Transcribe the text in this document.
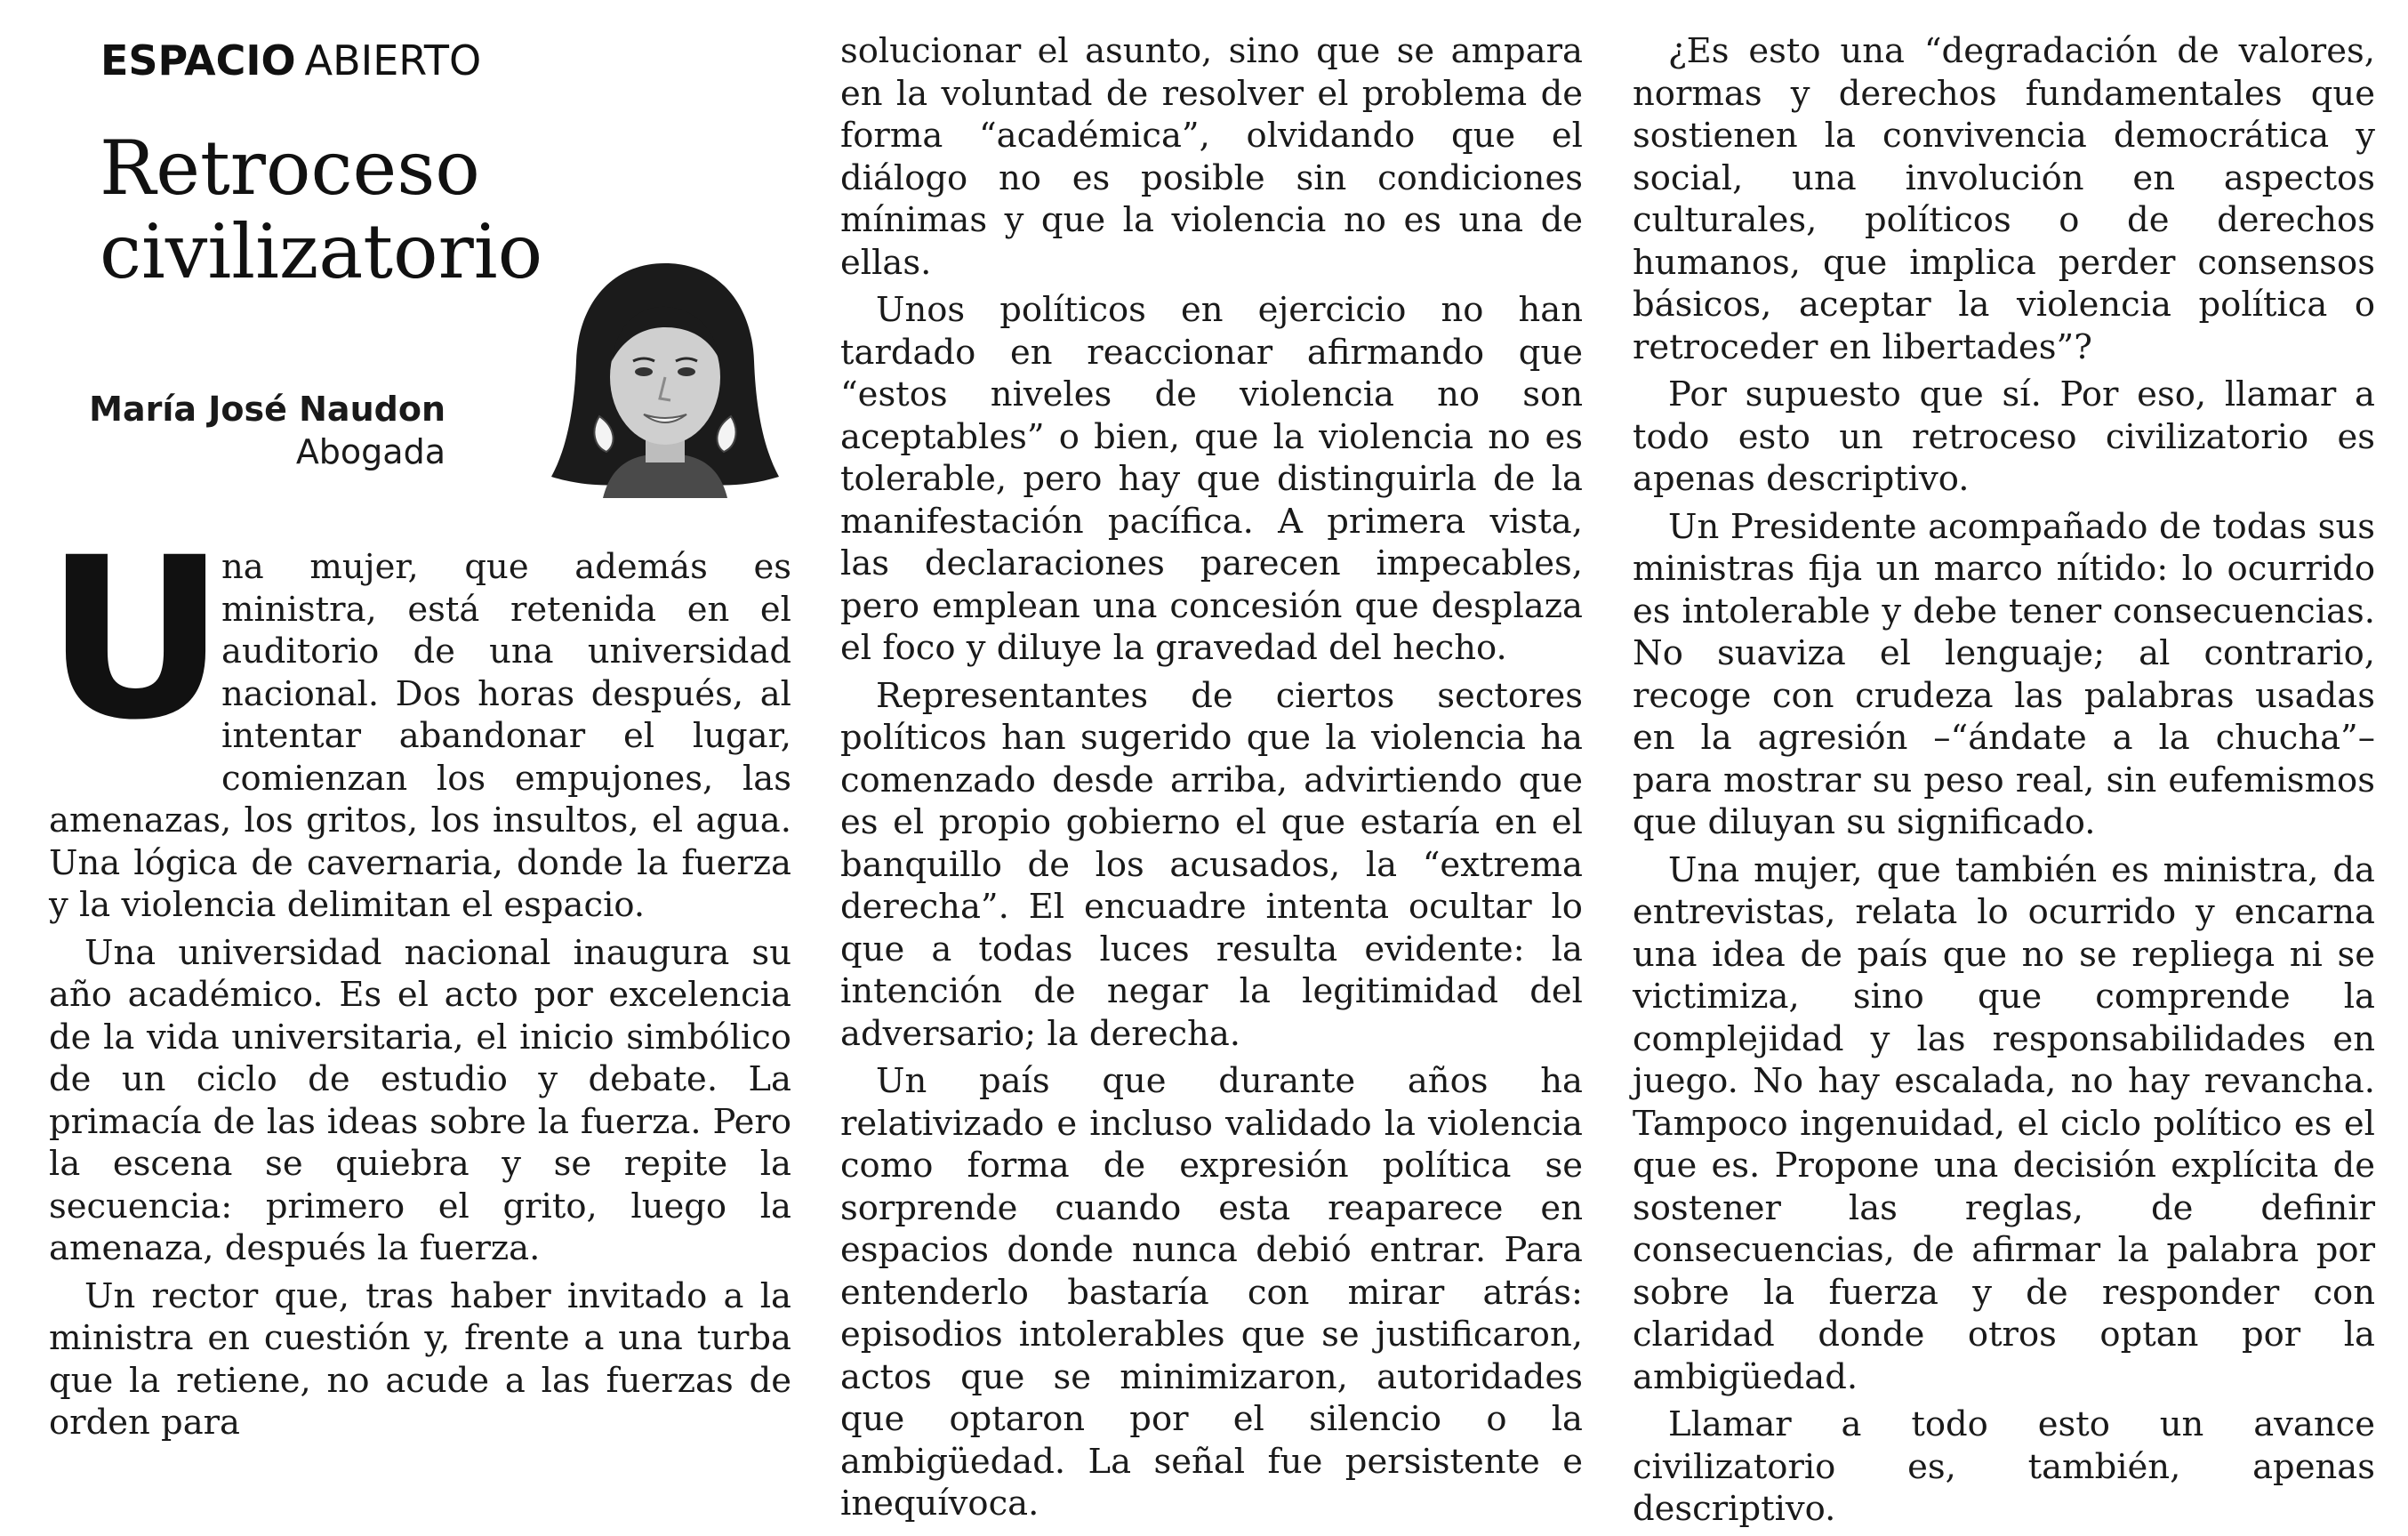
ESPACIO ABIERTO
Retroceso
civilizatorio
María José Naudon
Abogada
U

na mujer, que además es ministra, está retenida en el auditorio de una universidad nacional. Dos horas después, al intentar abandonar el lugar, comienzan los empujones, las amenazas, los gritos, los insultos, el agua. Una lógica de cavernaria, donde la fuerza y la violencia delimitan el espacio.

Una universidad nacional inaugura su año académico. Es el acto por excelencia de la vida universitaria, el inicio simbólico de un ciclo de estudio y debate. La primacía de las ideas sobre la fuerza. Pero la escena se quiebra y se repite la secuencia: primero el grito, luego la amenaza, después la fuerza.

Un rector que, tras haber invitado a la ministra en cuestión y, frente a una turba que la retiene, no acude a las fuerzas de orden para

solucionar el asunto, sino que se ampara en la voluntad de resolver el problema de forma “académica”, olvidando que el diálogo no es posible sin condiciones mínimas y que la violencia no es una de ellas.

Unos políticos en ejercicio no han tardado en reaccionar afirmando que “estos niveles de violencia no son aceptables” o bien, que la violencia no es tolerable, pero hay que distinguirla de la manifestación pacífica. A primera vista, las declaraciones parecen impecables, pero emplean una concesión que desplaza el foco y diluye la gravedad del hecho.

Representantes de ciertos sectores políticos han sugerido que la violencia ha comenzado desde arriba, advirtiendo que es el propio gobierno el que estaría en el banquillo de los acusados, la “extrema derecha”. El encuadre intenta ocultar lo que a todas luces resulta evidente: la intención de negar la legitimidad del adversario; la derecha.

Un país que durante años ha relativizado e incluso validado la violencia como forma de expresión política se sorprende cuando esta reaparece en espacios donde nunca debió entrar. Para entenderlo bastaría con mirar atrás: episodios intolerables que se justificaron, actos que se minimizaron, autoridades que optaron por el silencio o la ambigüedad. La señal fue persistente e inequívoca.

¿Es esto una “degradación de valores, normas y derechos fundamentales que sostienen la convivencia democrática y social, una involución en aspectos culturales, políticos o de derechos humanos, que implica perder consensos básicos, aceptar la violencia política o retroceder en libertades”?

Por supuesto que sí. Por eso, llamar a todo esto un retroceso civilizatorio es apenas descriptivo.

Un Presidente acompañado de todas sus ministras fija un marco nítido: lo ocurrido es intolerable y debe tener consecuencias. No suaviza el lenguaje; al contrario, recoge con crudeza las palabras usadas en la agresión –“ándate a la chucha”– para mostrar su peso real, sin eufemismos que diluyan su significado.

Una mujer, que también es ministra, da entrevistas, relata lo ocurrido y encarna una idea de país que no se repliega ni se victimiza, sino que comprende la complejidad y las responsabilidades en juego. No hay escalada, no hay revancha. Tampoco ingenuidad, el ciclo político es el que es. Propone una decisión explícita de sostener las reglas, de definir consecuencias, de afirmar la palabra por sobre la fuerza y de responder con claridad donde otros optan por la ambigüedad.

Llamar a todo esto un avance civilizatorio es, también, apenas descriptivo.
